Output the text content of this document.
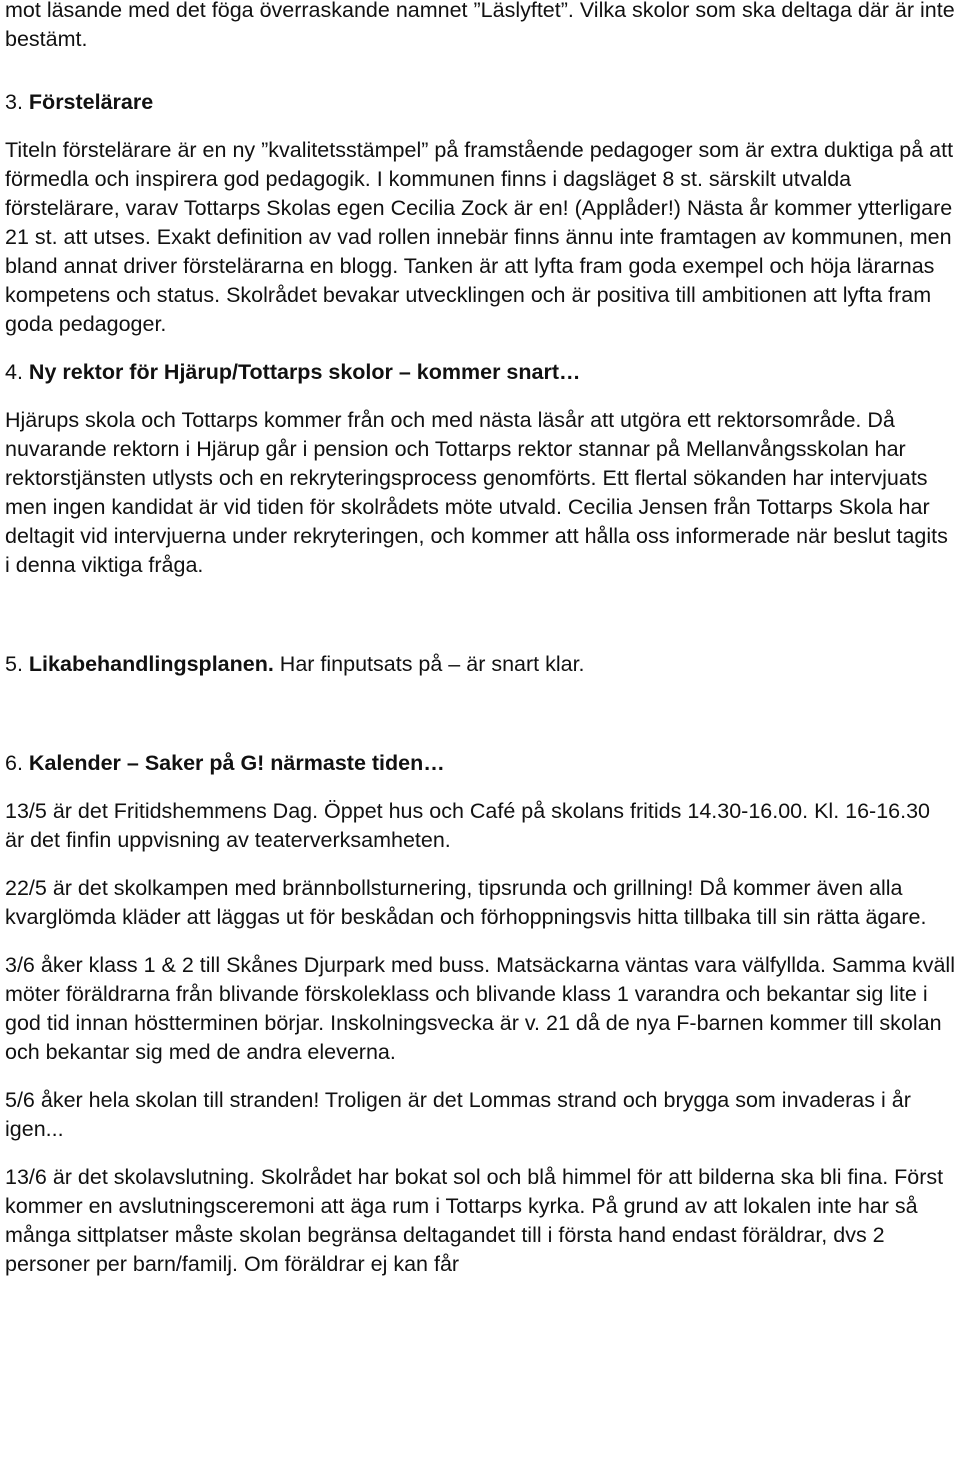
mot läsande med det föga överraskande namnet ”Läslyftet”. Vilka skolor som ska deltaga där är inte bestämt.

3. Förstelärare

Titeln förstelärare är en ny ”kvalitetsstämpel” på framstående pedagoger som är extra duktiga på att förmedla och inspirera god pedagogik. I kommunen finns i dagsläget 8 st. särskilt utvalda förstelärare, varav Tottarps Skolas egen Cecilia Zock är en! (Applåder!) Nästa år kommer ytterligare 21 st. att utses. Exakt definition av vad rollen innebär finns ännu inte framtagen av kommunen, men bland annat driver förstelärarna en blogg. Tanken är att lyfta fram goda exempel och höja lärarnas kompetens och status. Skolrådet bevakar utvecklingen och är positiva till ambitionen att lyfta fram goda pedagoger.

4. Ny rektor för Hjärup/Tottarps skolor – kommer snart…

Hjärups skola och Tottarps kommer från och med nästa läsår att utgöra ett rektorsområde. Då nuvarande rektorn i Hjärup går i pension och Tottarps rektor stannar på Mellanvångsskolan har rektorstjänsten utlysts och en rekryteringsprocess genomförts. Ett flertal sökanden har intervjuats men ingen kandidat är vid tiden för skolrådets möte utvald. Cecilia Jensen från Tottarps Skola har deltagit vid intervjuerna under rekryteringen, och kommer att hålla oss informerade när beslut tagits i denna viktiga fråga.

5. Likabehandlingsplanen. Har finputsats på – är snart klar.

6. Kalender – Saker på G! närmaste tiden…

13/5 är det Fritidshemmens Dag. Öppet hus och Café på skolans fritids 14.30-16.00. Kl. 16-16.30 är det finfin uppvisning av teaterverksamheten.

22/5 är det skolkampen med brännbollsturnering, tipsrunda och grillning! Då kommer även alla kvarglömda kläder att läggas ut för beskådan och förhoppningsvis hitta tillbaka till sin rätta ägare.

3/6 åker klass 1 & 2 till Skånes Djurpark med buss. Matsäckarna väntas vara välfyllda. Samma kväll möter föräldrarna från blivande förskoleklass och blivande klass 1 varandra och bekantar sig lite i god tid innan höstterminen börjar. Inskolningsvecka är v. 21 då de nya F-barnen kommer till skolan och bekantar sig med de andra eleverna.

5/6 åker hela skolan till stranden! Troligen är det Lommas strand och brygga som invaderas i år igen...

13/6 är det skolavslutning. Skolrådet har bokat sol och blå himmel för att bilderna ska bli fina. Först kommer en avslutningsceremoni att äga rum i Tottarps kyrka. På grund av att lokalen inte har så många sittplatser måste skolan begränsa deltagandet till i första hand endast föräldrar, dvs 2 personer per barn/familj. Om föräldrar ej kan får
